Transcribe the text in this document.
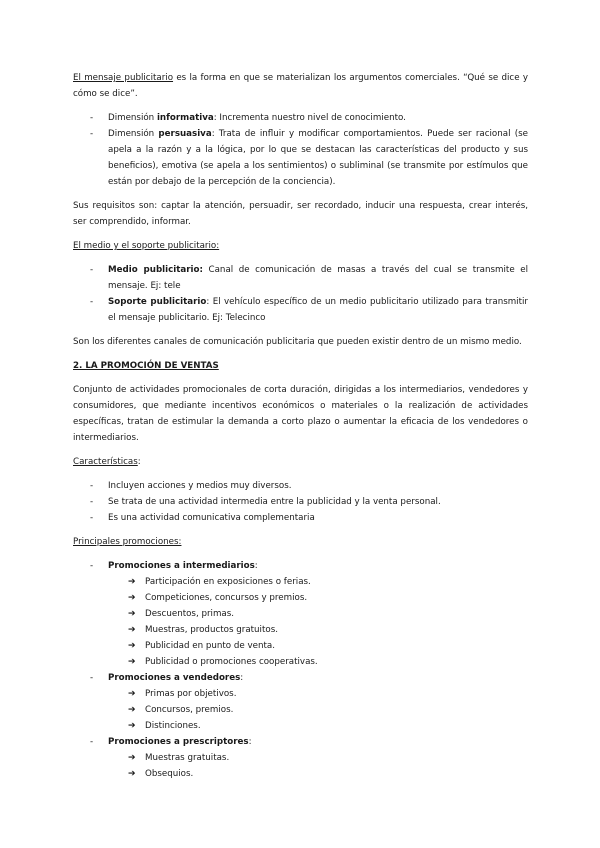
El mensaje publicitario es la forma en que se materializan los argumentos comerciales. “Qué se dice y cómo se dice”.

- Dimensión informativa: Incrementa nuestro nivel de conocimiento.
- Dimensión persuasiva: Trata de influir y modificar comportamientos. Puede ser racional (se apela a la razón y a la lógica, por lo que se destacan las características del producto y sus beneficios), emotiva (se apela a los sentimientos) o subliminal (se transmite por estímulos que están por debajo de la percepción de la conciencia).

Sus requisitos son: captar la atención, persuadir, ser recordado, inducir una respuesta, crear interés, ser comprendido, informar.

El medio y el soporte publicitario:

- Medio publicitario: Canal de comunicación de masas a través del cual se transmite el mensaje. Ej: tele
- Soporte publicitario: El vehículo específico de un medio publicitario utilizado para transmitir el mensaje publicitario. Ej: Telecinco

Son los diferentes canales de comunicación publicitaria que pueden existir dentro de un mismo medio.

2. LA PROMOCIÓN DE VENTAS

Conjunto de actividades promocionales de corta duración, dirigidas a los intermediarios, vendedores y consumidores, que mediante incentivos económicos o materiales o la realización de actividades específicas, tratan de estimular la demanda a corto plazo o aumentar la eficacia de los vendedores o intermediarios.

Características:

- Incluyen acciones y medios muy diversos.
- Se trata de una actividad intermedia entre la publicidad y la venta personal.
- Es una actividad comunicativa complementaria

Principales promociones:

- Promociones a intermediarios:
➔ Participación en exposiciones o ferias.
➔ Competiciones, concursos y premios.
➔ Descuentos, primas.
➔ Muestras, productos gratuitos.
➔ Publicidad en punto de venta.
➔ Publicidad o promociones cooperativas.
- Promociones a vendedores:
➔ Primas por objetivos.
➔ Concursos, premios.
➔ Distinciones.
- Promociones a prescriptores:
➔ Muestras gratuitas.
➔ Obsequios.
